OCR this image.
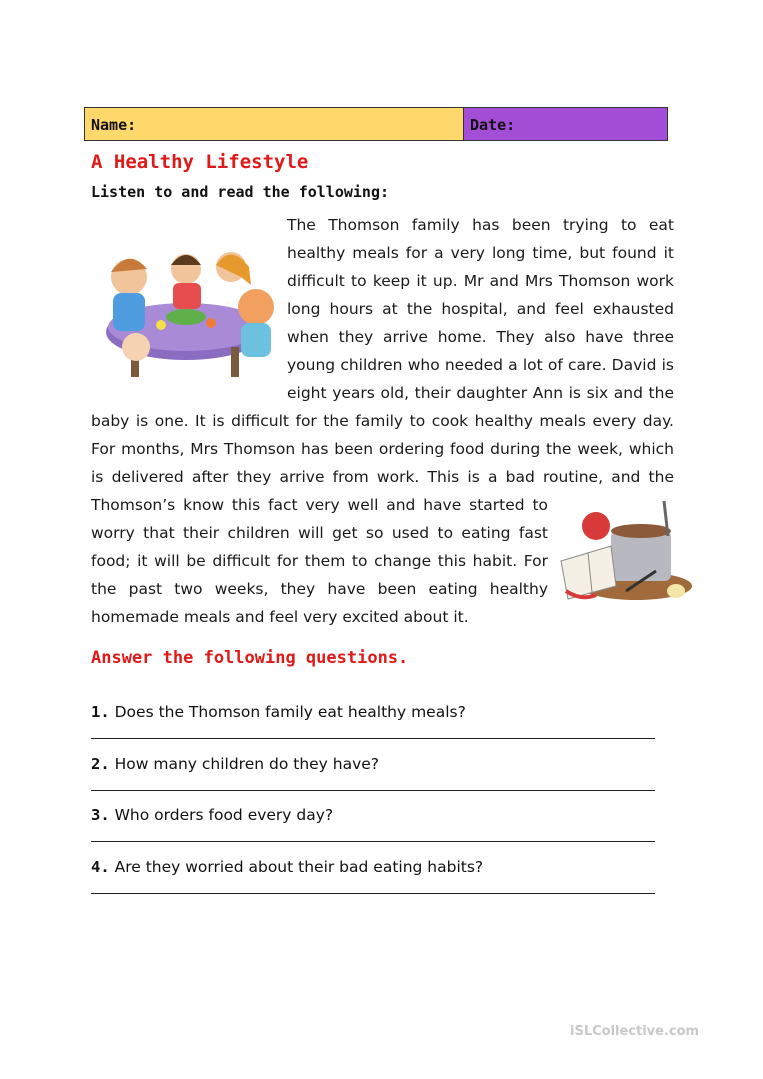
Name:	Date:
A Healthy Lifestyle
Listen to and read the following:

The Thomson family has been trying to eat healthy meals for a very long time, but found it difficult to keep it up. Mr and Mrs Thomson work long hours at the hospital, and feel exhausted when they arrive home. They also have three young children who needed a lot of care. David is eight years old, their daughter Ann is six and the baby is one. It is difficult for the family to cook healthy meals every day. For months, Mrs Thomson has been ordering food during the week, which is delivered after they arrive from work. This is a bad routine, and the Thomson’s know this fact very well and have started to worry that their children will get so used to eating fast food; it will be difficult for them to change this habit. For the past two weeks, they have been eating healthy homemade meals and feel very excited about it.

Answer the following questions.
1. Does the Thomson family eat healthy meals?
2. How many children do they have?
3. Who orders food every day?
4. Are they worried about their bad eating habits?
iSLCollective.com
